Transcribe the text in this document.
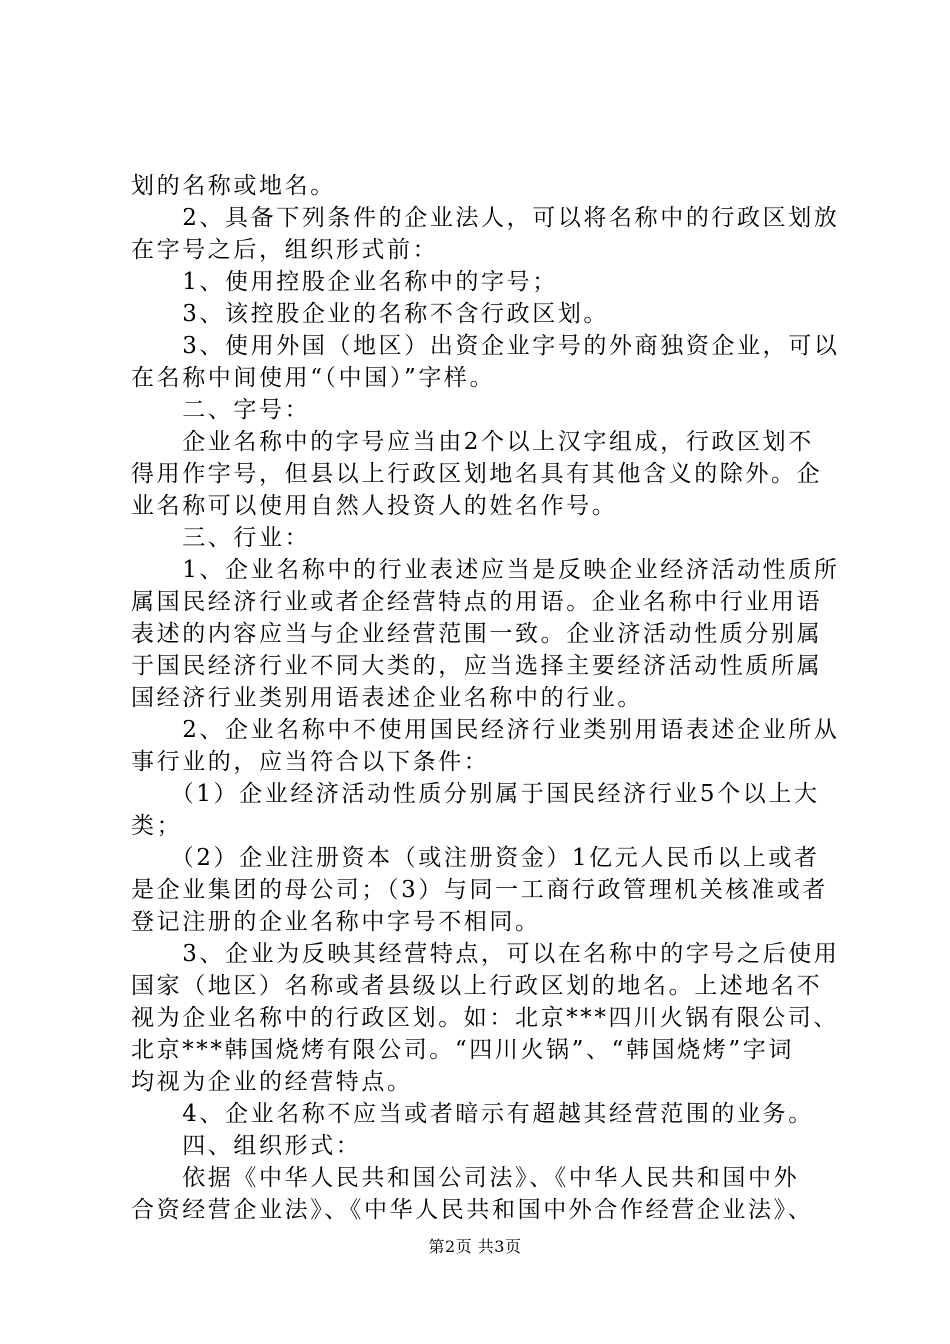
划的名称或地名。
　　2、具备下列条件的企业法人，可以将名称中的行政区划放
在字号之后，组织形式前：
　　1、使用控股企业名称中的字号；
　　3、该控股企业的名称不含行政区划。
　　3、使用外国（地区）出资企业字号的外商独资企业，可以
在名称中间使用“（中国）”字样。
　　二、字号：
　　企业名称中的字号应当由2个以上汉字组成，行政区划不
得用作字号，但县以上行政区划地名具有其他含义的除外。企
业名称可以使用自然人投资人的姓名作号。
　　三、行业：
　　1、企业名称中的行业表述应当是反映企业经济活动性质所
属国民经济行业或者企经营特点的用语。企业名称中行业用语
表述的内容应当与企业经营范围一致。企业济活动性质分别属
于国民经济行业不同大类的，应当选择主要经济活动性质所属
国经济行业类别用语表述企业名称中的行业。
　　2、企业名称中不使用国民经济行业类别用语表述企业所从
事行业的，应当符合以下条件：
　　（1）企业经济活动性质分别属于国民经济行业5个以上大
类；
　　（2）企业注册资本（或注册资金）1亿元人民币以上或者
是企业集团的母公司；（3）与同一工商行政管理机关核准或者
登记注册的企业名称中字号不相同。
　　3、企业为反映其经营特点，可以在名称中的字号之后使用
国家（地区）名称或者县级以上行政区划的地名。上述地名不
视为企业名称中的行政区划。如：北京***四川火锅有限公司、
北京***韩国烧烤有限公司。“四川火锅”、“韩国烧烤”字词
均视为企业的经营特点。
　　4、企业名称不应当或者暗示有超越其经营范围的业务。
　　四、组织形式：
　　依据《中华人民共和国公司法》、《中华人民共和国中外
合资经营企业法》、《中华人民共和国中外合作经营企业法》、
第2页 共3页
